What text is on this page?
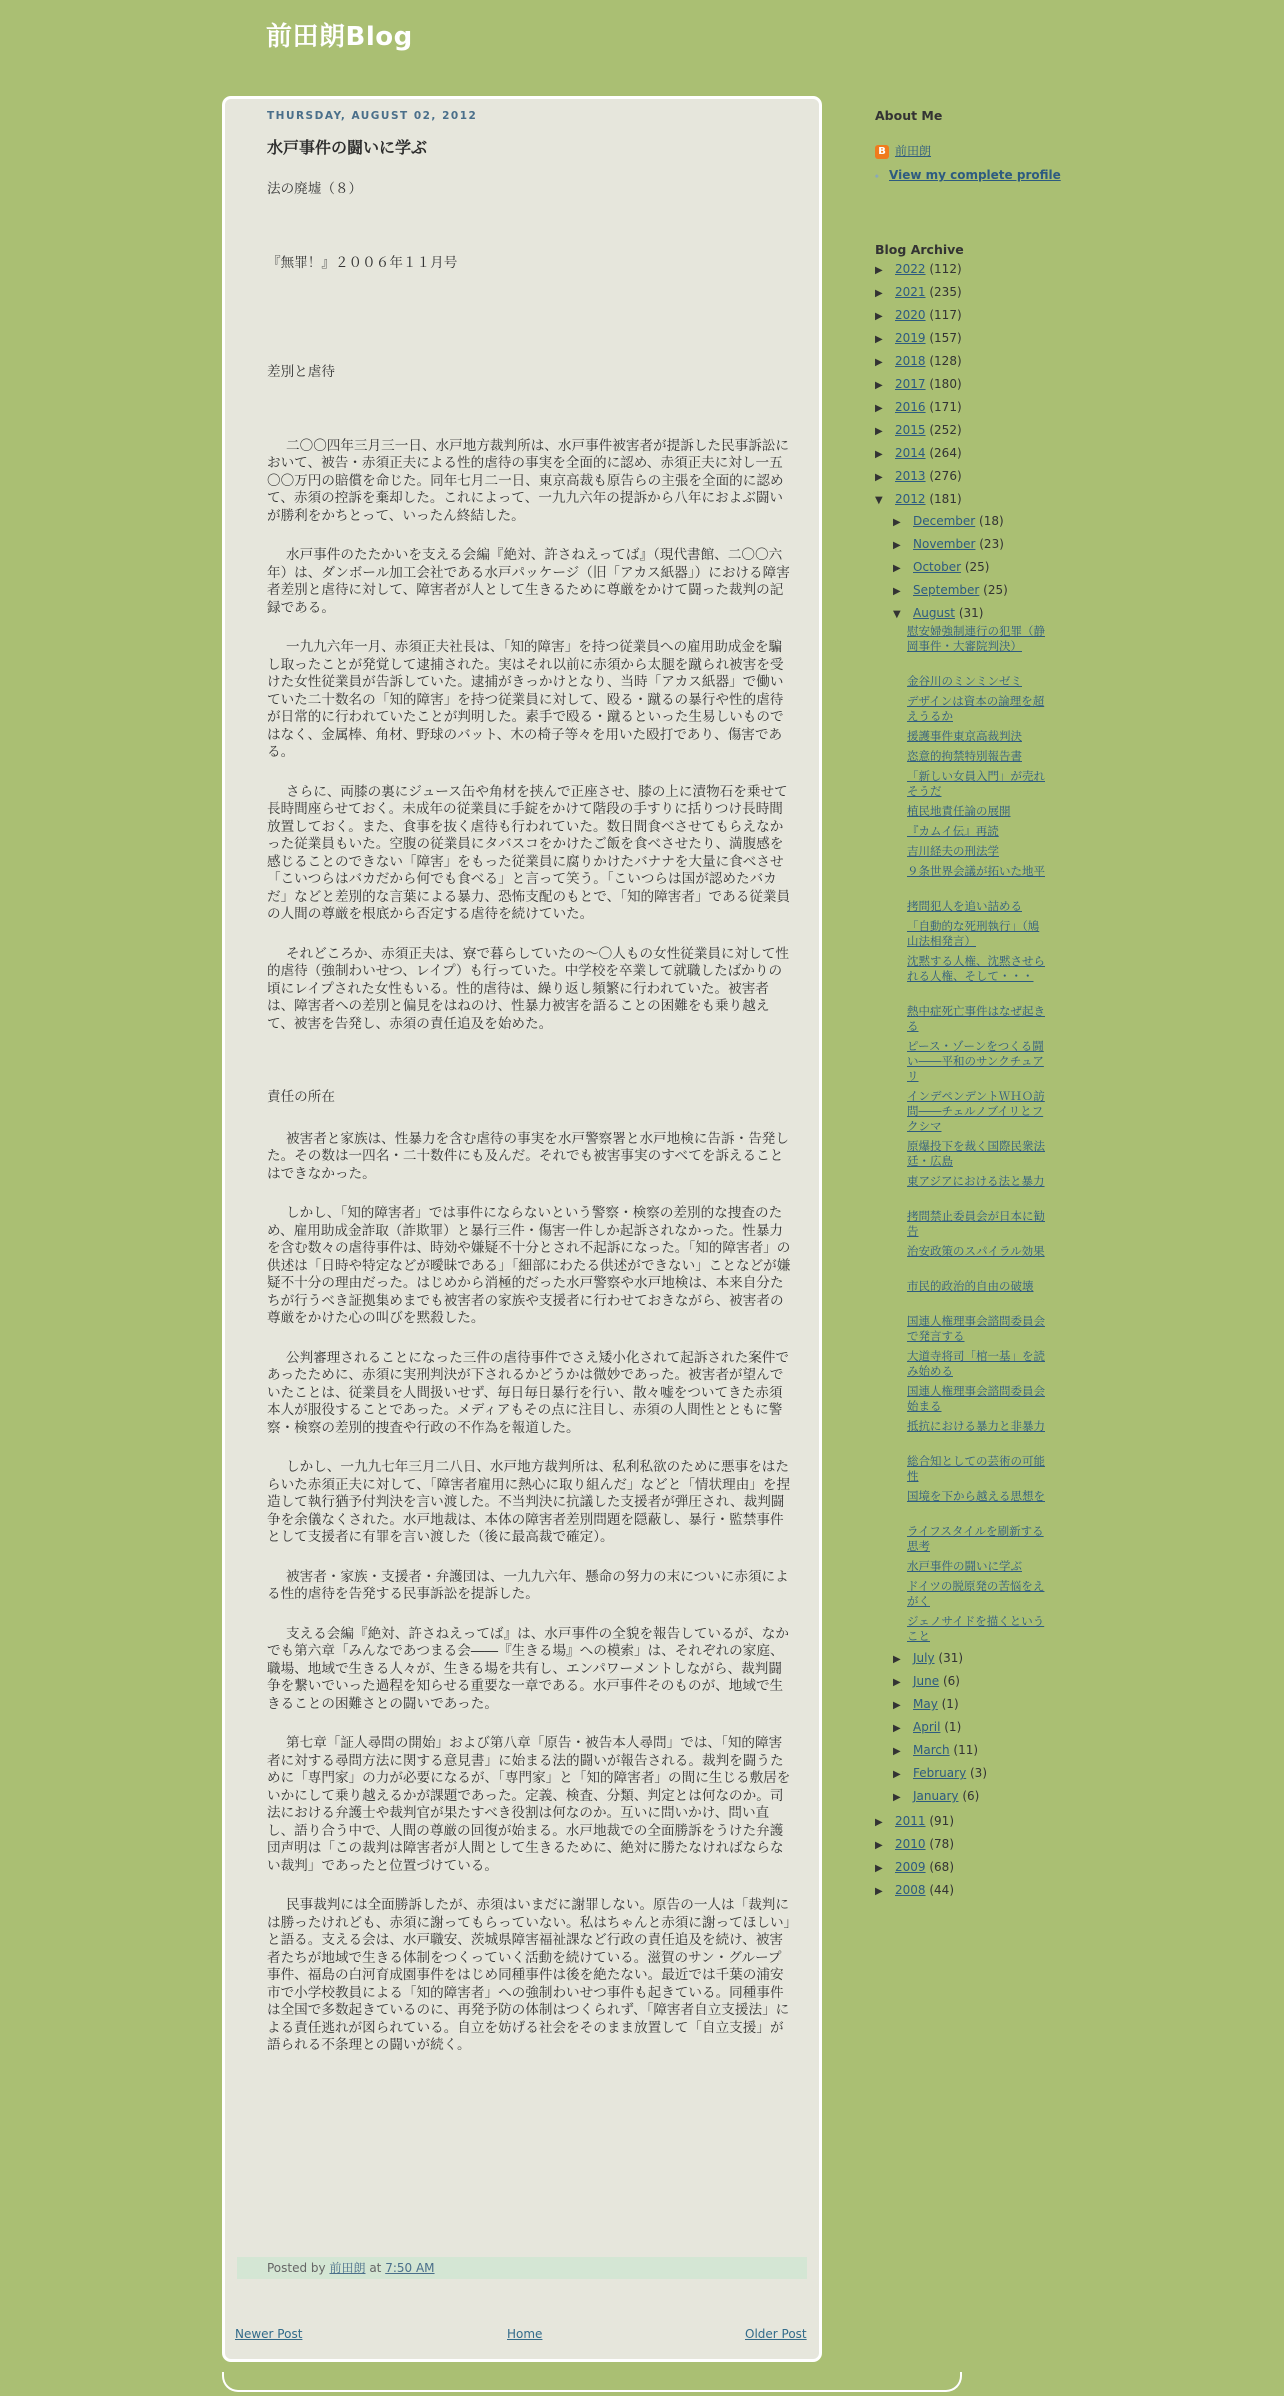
前田朗Blog
THURSDAY, AUGUST 02, 2012
水戸事件の闘いに学ぶ

法の廃墟（８）

『無罪！』２００６年１１月号

差別と虐待

二〇〇四年三月三一日、水戸地方裁判所は、水戸事件被害者が提訴した民事訴訟において、被告・赤須正夫による性的虐待の事実を全面的に認め、赤須正夫に対し一五〇〇万円の賠償を命じた。同年七月二一日、東京高裁も原告らの主張を全面的に認めて、赤須の控訴を棄却した。これによって、一九九六年の提訴から八年におよぶ闘いが勝利をかちとって、いったん終結した。

水戸事件のたたかいを支える会編『絶対、許さねえってば』（現代書館、二〇〇六年）は、ダンボール加工会社である水戸パッケージ（旧「アカス紙器」）における障害者差別と虐待に対して、障害者が人として生きるために尊厳をかけて闘った裁判の記録である。

一九九六年一月、赤須正夫社長は、「知的障害」を持つ従業員への雇用助成金を騙し取ったことが発覚して逮捕された。実はそれ以前に赤須から太腿を蹴られ被害を受けた女性従業員が告訴していた。逮捕がきっかけとなり、当時「アカス紙器」で働いていた二十数名の「知的障害」を持つ従業員に対して、殴る・蹴るの暴行や性的虐待が日常的に行われていたことが判明した。素手で殴る・蹴るといった生易しいものではなく、金属棒、角材、野球のバット、木の椅子等々を用いた殴打であり、傷害である。

さらに、両膝の裏にジュース缶や角材を挟んで正座させ、膝の上に漬物石を乗せて長時間座らせておく。未成年の従業員に手錠をかけて階段の手すりに括りつけ長時間放置しておく。また、食事を抜く虐待も行われていた。数日間食べさせてもらえなかった従業員もいた。空腹の従業員にタバスコをかけたご飯を食べさせたり、満腹感を感じることのできない「障害」をもった従業員に腐りかけたバナナを大量に食べさせ「こいつらはバカだから何でも食べる」と言って笑う。「こいつらは国が認めたバカだ」などと差別的な言葉による暴力、恐怖支配のもとで、「知的障害者」である従業員の人間の尊厳を根底から否定する虐待を続けていた。

それどころか、赤須正夫は、寮で暮らしていたの～〇人もの女性従業員に対して性的虐待（強制わいせつ、レイプ）も行っていた。中学校を卒業して就職したばかりの頃にレイプされた女性もいる。性的虐待は、繰り返し頻繁に行われていた。被害者は、障害者への差別と偏見をはねのけ、性暴力被害を語ることの困難をも乗り越えて、被害を告発し、赤須の責任追及を始めた。

責任の所在

被害者と家族は、性暴力を含む虐待の事実を水戸警察署と水戸地検に告訴・告発した。その数は一四名・二十数件にも及んだ。それでも被害事実のすべてを訴えることはできなかった。

しかし、「知的障害者」では事件にならないという警察・検察の差別的な捜査のため、雇用助成金詐取（詐欺罪）と暴行三件・傷害一件しか起訴されなかった。性暴力を含む数々の虐待事件は、時効や嫌疑不十分とされ不起訴になった。「知的障害者」の供述は「日時や特定などが曖昧である」「細部にわたる供述ができない」ことなどが嫌疑不十分の理由だった。はじめから消極的だった水戸警察や水戸地検は、本来自分たちが行うべき証拠集めまでも被害者の家族や支援者に行わせておきながら、被害者の尊厳をかけた心の叫びを黙殺した。

公判審理されることになった三件の虐待事件でさえ矮小化されて起訴された案件であったために、赤須に実刑判決が下されるかどうかは微妙であった。被害者が望んでいたことは、従業員を人間扱いせず、毎日毎日暴行を行い、散々嘘をついてきた赤須本人が服役することであった。メディアもその点に注目し、赤須の人間性とともに警察・検察の差別的捜査や行政の不作為を報道した。

しかし、一九九七年三月二八日、水戸地方裁判所は、私利私欲のために悪事をはたらいた赤須正夫に対して、「障害者雇用に熱心に取り組んだ」などと「情状理由」を捏造して執行猶予付判決を言い渡した。不当判決に抗議した支援者が弾圧され、裁判闘争を余儀なくされた。水戸地裁は、本体の障害者差別問題を隠蔽し、暴行・監禁事件として支援者に有罪を言い渡した（後に最高裁で確定）。

被害者・家族・支援者・弁護団は、一九九六年、懸命の努力の末についに赤須による性的虐待を告発する民事訴訟を提訴した。

支える会編『絶対、許さねえってば』は、水戸事件の全貌を報告しているが、なかでも第六章「みんなであつまる会――『生きる場』への模索」は、それぞれの家庭、職場、地域で生きる人々が、生きる場を共有し、エンパワーメントしながら、裁判闘争を繋いでいった過程を知らせる重要な一章である。水戸事件そのものが、地域で生きることの困難さとの闘いであった。

第七章「証人尋問の開始」および第八章「原告・被告本人尋問」では、「知的障害者に対する尋問方法に関する意見書」に始まる法的闘いが報告される。裁判を闘うために「専門家」の力が必要になるが、「専門家」と「知的障害者」の間に生じる敷居をいかにして乗り越えるかが課題であった。定義、検査、分類、判定とは何なのか。司法における弁護士や裁判官が果たすべき役割は何なのか。互いに問いかけ、問い直し、語り合う中で、人間の尊厳の回復が始まる。水戸地裁での全面勝訴をうけた弁護団声明は「この裁判は障害者が人間として生きるために、絶対に勝たなければならない裁判」であったと位置づけている。

民事裁判には全面勝訴したが、赤須はいまだに謝罪しない。原告の一人は「裁判には勝ったけれども、赤須に謝ってもらっていない。私はちゃんと赤須に謝ってほしい」と語る。支える会は、水戸職安、茨城県障害福祉課など行政の責任追及を続け、被害者たちが地域で生きる体制をつくっていく活動を続けている。滋賀のサン・グループ事件、福島の白河育成園事件をはじめ同種事件は後を絶たない。最近では千葉の浦安市で小学校教員による「知的障害者」への強制わいせつ事件も起きている。同種事件は全国で多数起きているのに、再発予防の体制はつくられず、「障害者自立支援法」による責任逃れが図られている。自立を妨げる社会をそのまま放置して「自立支援」が語られる不条理との闘いが続く。

Posted by 前田朗 at 7:50 AM
Newer Post	Home	Older Post
About Me
B 前田朗
⬩ View my complete profile
Blog Archive
▶ 2022 (112)
▶ 2021 (235)
▶ 2020 (117)
▶ 2019 (157)
▶ 2018 (128)
▶ 2017 (180)
▶ 2016 (171)
▶ 2015 (252)
▶ 2014 (264)
▶ 2013 (276)
▼ 2012 (181)
▶ December (18)
▶ November (23)
▶ October (25)
▶ September (25)
▼ August (31)
慰安婦強制連行の犯罪（静岡事件・大審院判決）
金谷川のミンミンゼミ
デザインは資本の論理を超えうるか
援護事件東京高裁判決
恣意的拘禁特別報告書
「新しい女員入門」が売れそうだ
植民地責任論の展開
『カムイ伝』再読
吉川経夫の刑法学
９条世界会議が拓いた地平
拷問犯人を追い詰める
「自動的な死刑執行」（鳩山法相発言）
沈黙する人権、沈黙させられる人権、そして・・・
熱中症死亡事件はなぜ起きる
ピース・ゾーンをつくる闘い――平和のサンクチュアリ
インデペンデントＷＨＯ訪問――チェルノブイリとフクシマ
原爆投下を裁く国際民衆法廷・広島
東アジアにおける法と暴力
拷問禁止委員会が日本に勧告
治安政策のスパイラル効果
市民的政治的自由の破壊
国連人権理事会諮問委員会で発言する
大道寺将司「棺一基」を読み始める
国連人権理事会諮問委員会始まる
抵抗における暴力と非暴力
総合知としての芸術の可能性
国境を下から越える思想を
ライフスタイルを刷新する思考
水戸事件の闘いに学ぶ
ドイツの脱原発の苦悩をえがく
ジェノサイドを描くということ
▶ July (31)
▶ June (6)
▶ May (1)
▶ April (1)
▶ March (11)
▶ February (3)
▶ January (6)
▶ 2011 (91)
▶ 2010 (78)
▶ 2009 (68)
▶ 2008 (44)
